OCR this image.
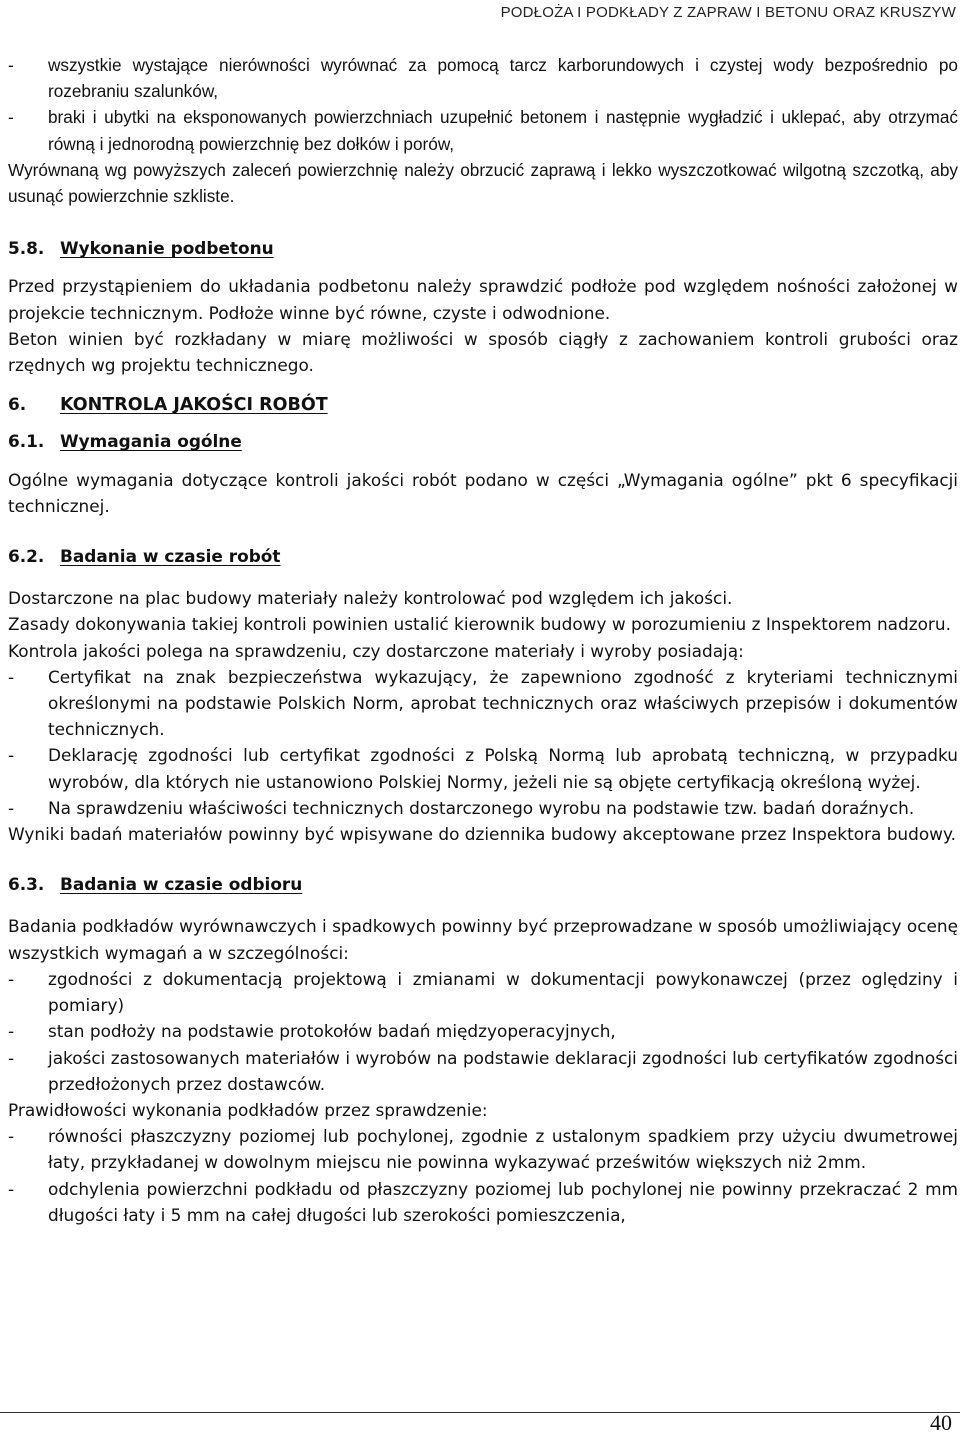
PODŁOŻA I PODKŁADY Z ZAPRAW I BETONU ORAZ KRUSZYW
-	wszystkie wystające nierówności wyrównać za pomocą tarcz karborundowych i czystej wody bezpośrednio po rozebraniu szalunków,
-	braki i ubytki na eksponowanych powierzchniach uzupełnić betonem i następnie wygładzić i uklepać, aby otrzymać równą i jednorodną powierzchnię bez dołków i porów,

Wyrównaną wg powyższych zaleceń powierzchnię należy obrzucić zaprawą i lekko wyszczotkować wilgotną szczotką, aby usunąć powierzchnie szkliste.

5.8. Wykonanie podbetonu

Przed przystąpieniem do układania podbetonu należy sprawdzić podłoże pod względem nośności założonej w projekcie technicznym. Podłoże winne być równe, czyste i odwodnione.

Beton winien być rozkładany w miarę możliwości w sposób ciągły z zachowaniem kontroli grubości oraz rzędnych wg projektu technicznego.

6. KONTROLA JAKOŚCI ROBÓT

6.1. Wymagania ogólne

Ogólne wymagania dotyczące kontroli jakości robót podano w części „Wymagania ogólne” pkt 6 specyfikacji technicznej.

6.2. Badania w czasie robót

Dostarczone na plac budowy materiały należy kontrolować pod względem ich jakości.

Zasady dokonywania takiej kontroli powinien ustalić kierownik budowy w porozumieniu z Inspektorem nadzoru.

Kontrola jakości polega na sprawdzeniu, czy dostarczone materiały i wyroby posiadają:

-	Certyfikat na znak bezpieczeństwa wykazujący, że zapewniono zgodność z kryteriami technicznymi określonymi na podstawie Polskich Norm, aprobat technicznych oraz właściwych przepisów i dokumentów technicznych.
-	Deklarację zgodności lub certyfikat zgodności z Polską Normą lub aprobatą techniczną, w przypadku wyrobów, dla których nie ustanowiono Polskiej Normy, jeżeli nie są objęte certyfikacją określoną wyżej.
-	Na sprawdzeniu właściwości technicznych dostarczonego wyrobu na podstawie tzw. badań doraźnych.

Wyniki badań materiałów powinny być wpisywane do dziennika budowy akceptowane przez Inspektora budowy.

6.3. Badania w czasie odbioru

Badania podkładów wyrównawczych i spadkowych powinny być przeprowadzane w sposób umożliwiający ocenę wszystkich wymagań a w szczególności:

-	zgodności z dokumentacją projektową i zmianami w dokumentacji powykonawczej (przez oględziny i pomiary)
-	stan podłoży na podstawie protokołów badań międzyoperacyjnych,
-	jakości zastosowanych materiałów i wyrobów na podstawie deklaracji zgodności lub certyfikatów zgodności przedłożonych przez dostawców.

Prawidłowości wykonania podkładów przez sprawdzenie:

-	równości płaszczyzny poziomej lub pochylonej, zgodnie z ustalonym spadkiem przy użyciu dwumetrowej łaty, przykładanej w dowolnym miejscu nie powinna wykazywać prześwitów większych niż 2mm.
-	odchylenia powierzchni podkładu od płaszczyzny poziomej lub pochylonej nie powinny przekraczać 2 mm długości łaty i 5 mm na całej długości lub szerokości pomieszczenia,
40
